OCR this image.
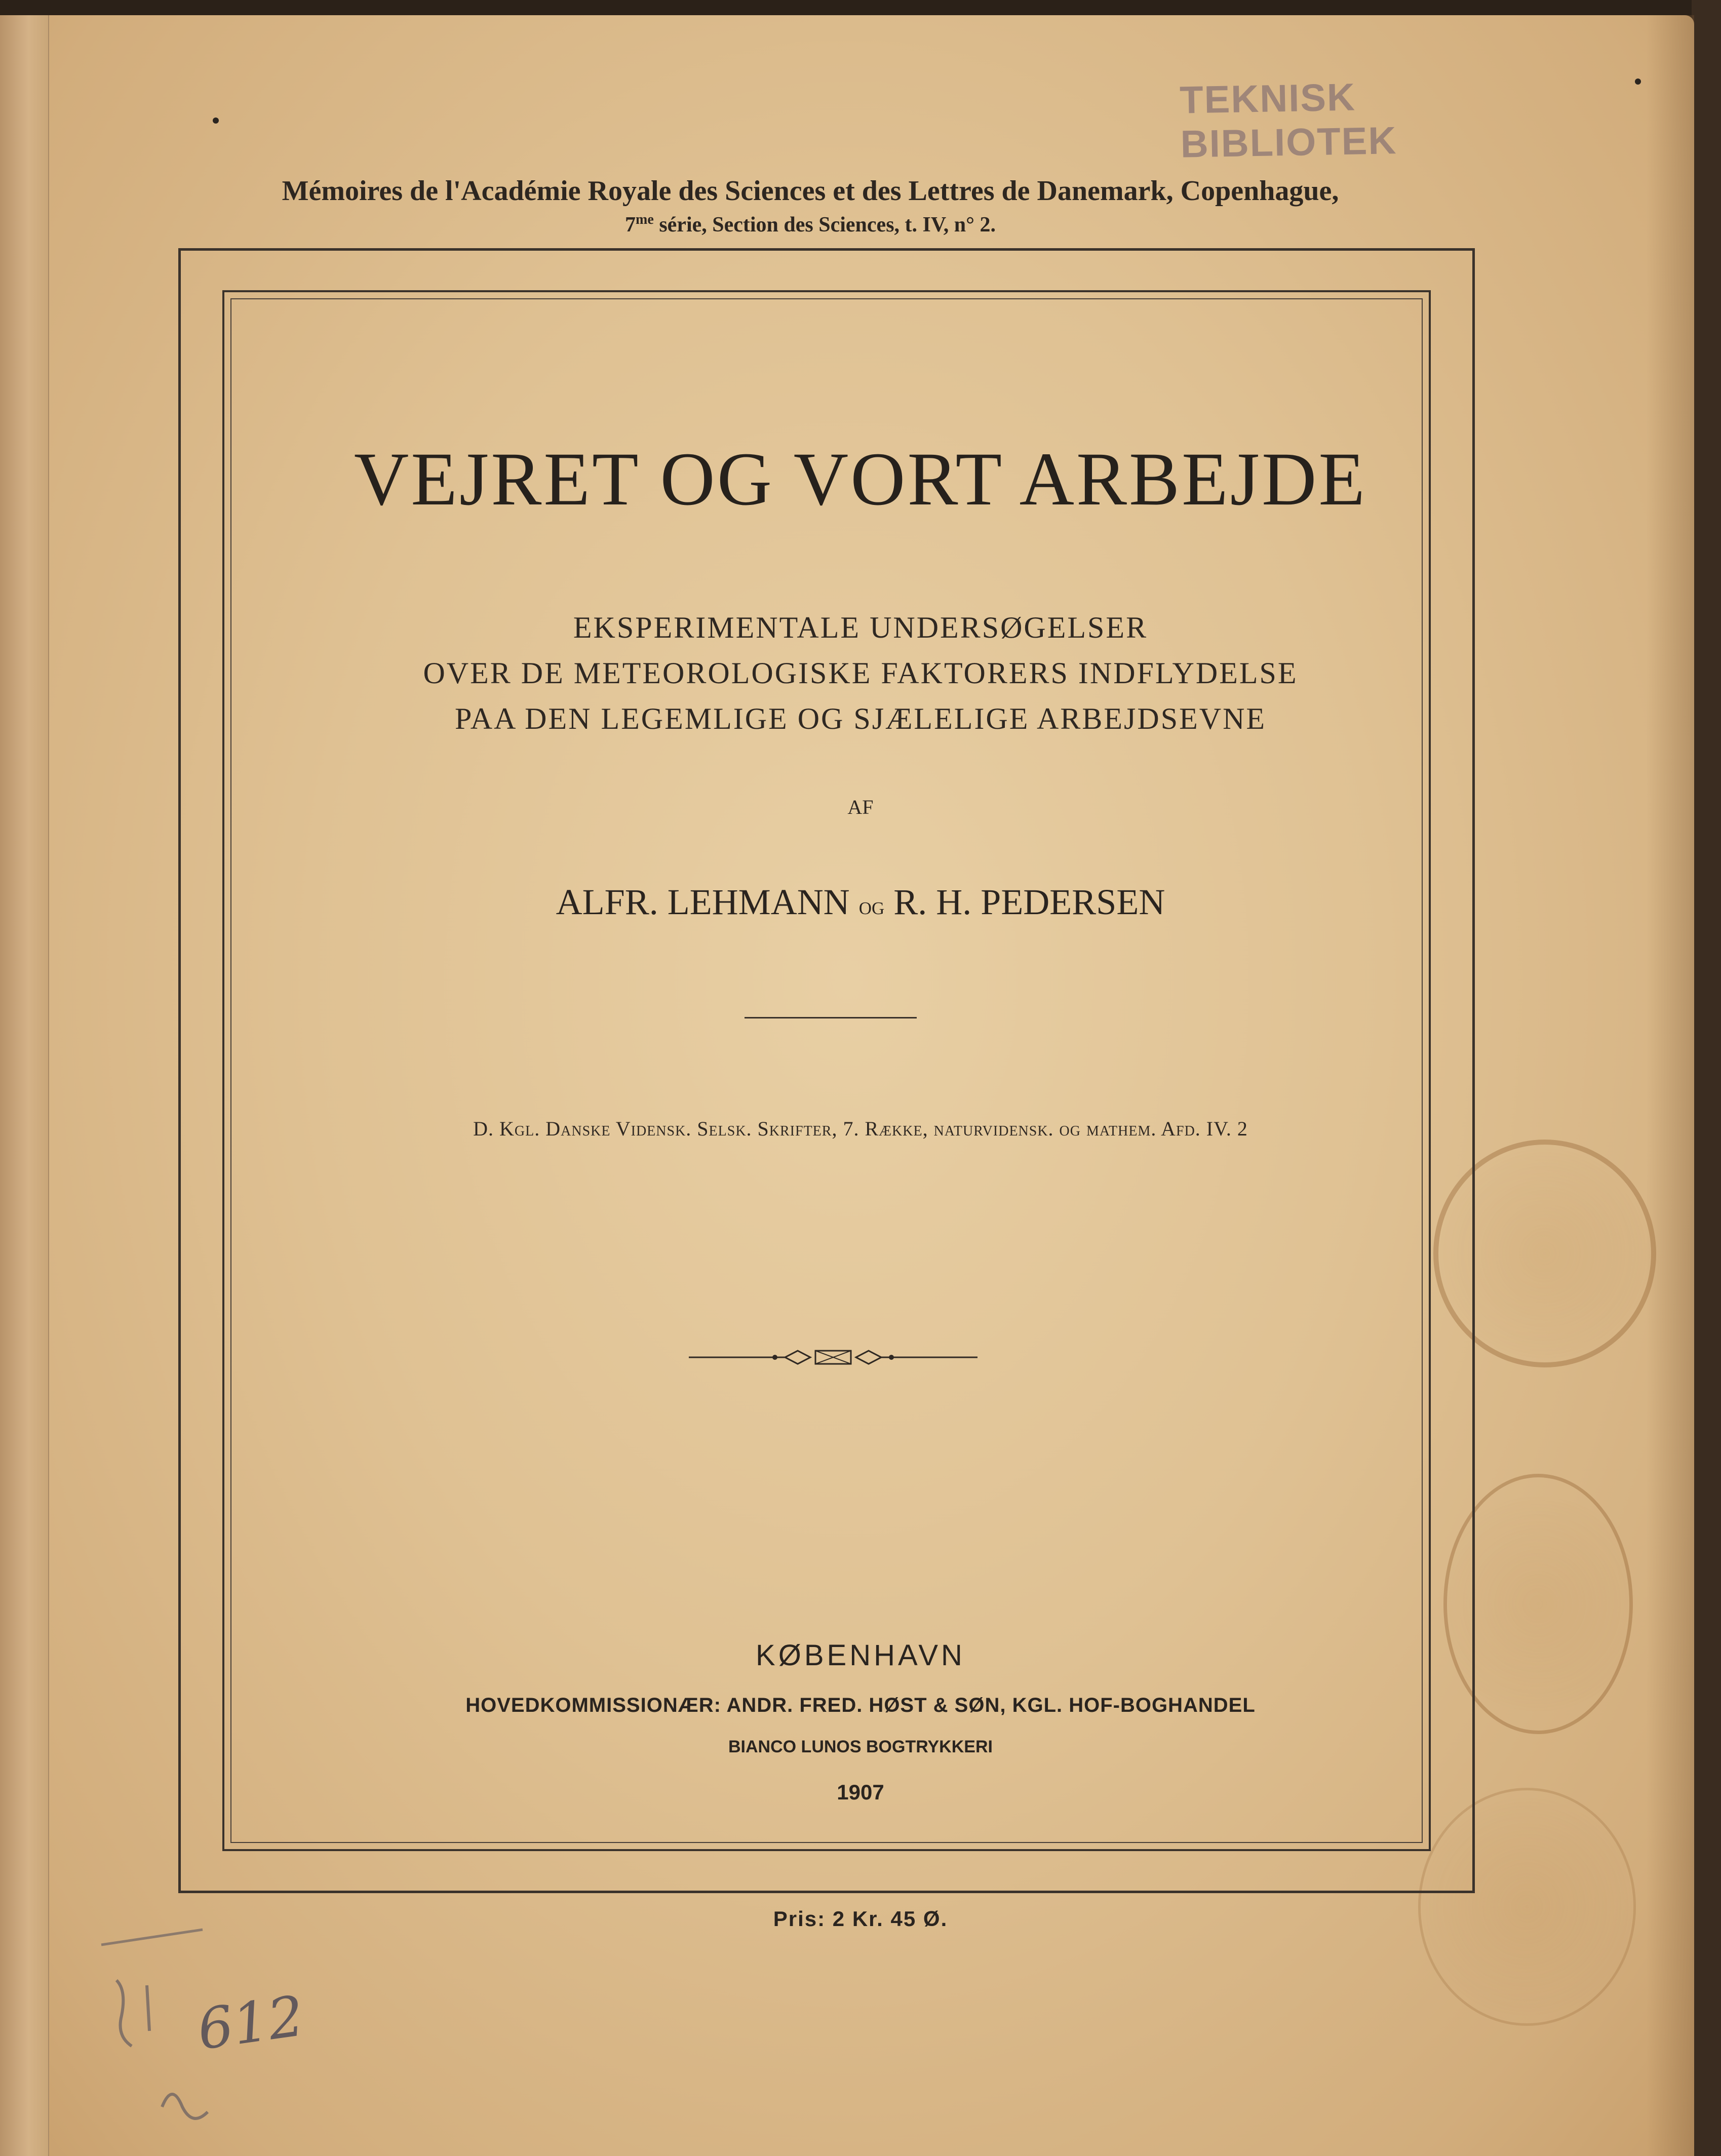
TEKNISK BIBLIOTEK
Mémoires de l'Académie Royale des Sciences et des Lettres de Danemark, Copenhague,
$7^{me}$ série, Section des Sciences, t. IV, n° 2.
VEJRET OG VORT ARBEJDE
EKSPERIMENTALE UNDERSØGELSER
OVER DE METEOROLOGISKE FAKTORERS INDFLYDELSE
PAA DEN LEGEMLIGE OG SJÆLELIGE ARBEJDSEVNE
AF
ALFR. LEHMANN og R. H. PEDERSEN
D. Kgl. Danske Vidensk. Selsk. Skrifter, 7. Række, naturvidensk. og mathem. Afd. IV. 2
KØBENHAVN
HOVEDKOMMISSIONÆR: ANDR. FRED. HØST & SØN, KGL. HOF-BOGHANDEL
BIANCO LUNOS BOGTRYKKERI
1907
Pris: 2 Kr. 45 Ø.
612
